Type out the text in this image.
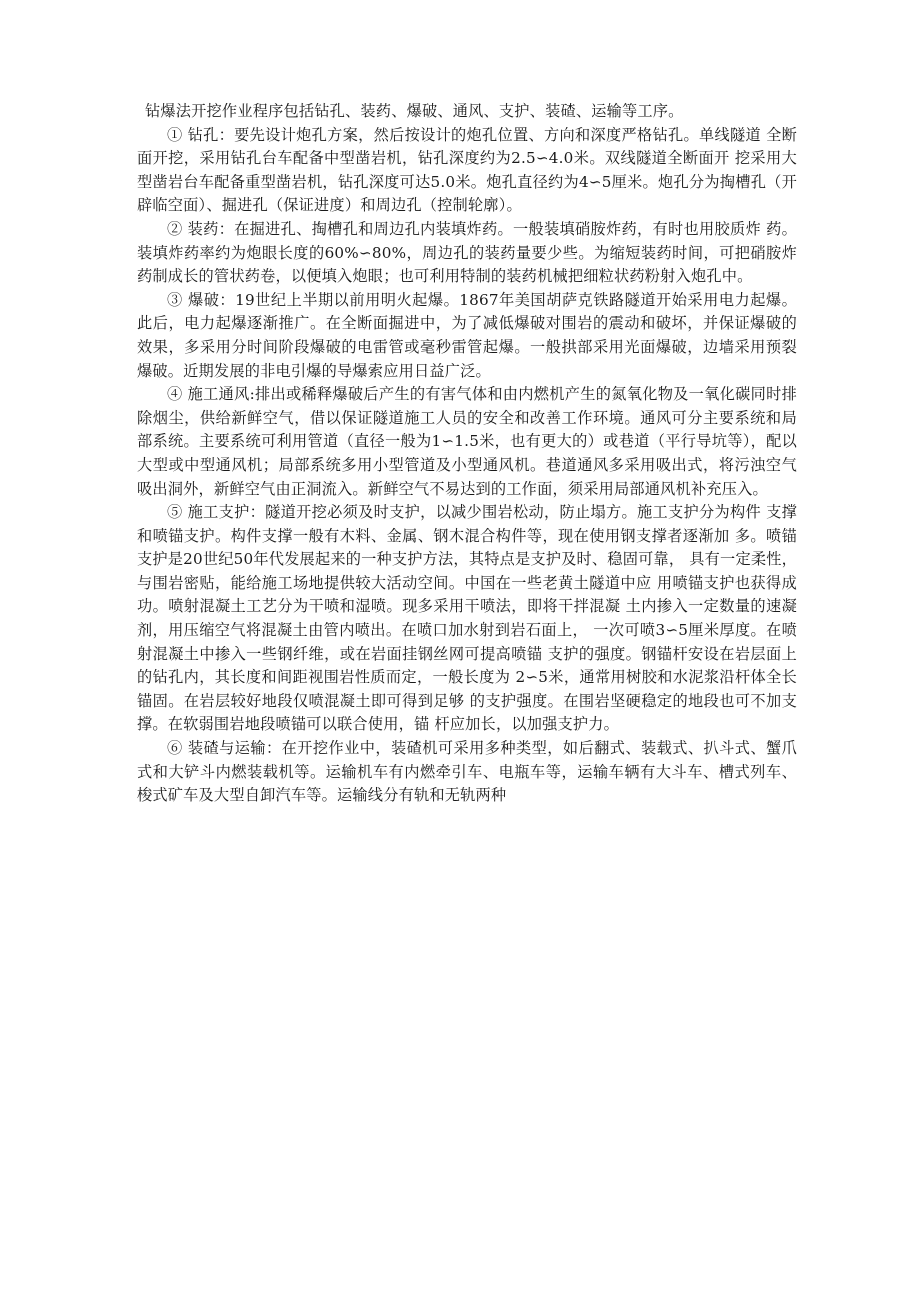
钻爆法开挖作业程序包括钻孔、装药、爆破、通风、支护、装碴、运输等工序。

① 钻孔：要先设计炮孔方案，然后按设计的炮孔位置、方向和深度严格钻孔。单线隧道 全断面开挖，采用钻孔台车配备中型凿岩机，钻孔深度约为2.5∽4.0米。双线隧道全断面开 挖采用大型凿岩台车配备重型凿岩机，钻孔深度可达5.0米。炮孔直径约为4∽5厘米。炮孔分为掏槽孔（开辟临空面）、掘进孔（保证进度）和周边孔（控制轮廓）。

② 装药：在掘进孔、掏槽孔和周边孔内装填炸药。一般装填硝胺炸药，有时也用胶质炸 药。装填炸药率约为炮眼长度的60%∽80%，周边孔的装药量要少些。为缩短装药时间，可把硝胺炸药制成长的管状药卷，以便填入炮眼；也可利用特制的装药机械把细粒状药粉射入炮孔中。

③ 爆破：19世纪上半期以前用明火起爆。1867年美国胡萨克铁路隧道开始采用电力起爆。此后，电力起爆逐渐推广。在全断面掘进中，为了减低爆破对围岩的震动和破坏，并保证爆破的效果，多采用分时间阶段爆破的电雷管或毫秒雷管起爆。一般拱部采用光面爆破，边墙采用预裂爆破。近期发展的非电引爆的导爆索应用日益广泛。

④ 施工通风:排出或稀释爆破后产生的有害气体和由内燃机产生的氮氧化物及一氧化碳同时排除烟尘，供给新鲜空气，借以保证隧道施工人员的安全和改善工作环境。通风可分主要系统和局部系统。主要系统可利用管道（直径一般为1∽1.5米，也有更大的）或巷道（平行导坑等），配以大型或中型通风机；局部系统多用小型管道及小型通风机。巷道通风多采用吸出式，将污浊空气吸出洞外，新鲜空气由正洞流入。新鲜空气不易达到的工作面，须采用局部通风机补充压入。

⑤ 施工支护：隧道开挖必须及时支护，以减少围岩松动，防止塌方。施工支护分为构件 支撑和喷锚支护。构件支撑一般有木料、金属、钢木混合构件等，现在使用钢支撑者逐渐加 多。喷锚支护是20世纪50年代发展起来的一种支护方法，其特点是支护及时、稳固可靠， 具有一定柔性，与围岩密贴，能给施工场地提供较大活动空间。中国在一些老黄土隧道中应 用喷锚支护也获得成功。喷射混凝土工艺分为干喷和湿喷。现多采用干喷法，即将干拌混凝 土内掺入一定数量的速凝剂，用压缩空气将混凝土由管内喷出。在喷口加水射到岩石面上， 一次可喷3∽5厘米厚度。在喷射混凝土中掺入一些钢纤维，或在岩面挂钢丝网可提高喷锚 支护的强度。钢锚杆安设在岩层面上的钻孔内，其长度和间距视围岩性质而定，一般长度为 2∽5米，通常用树胶和水泥浆沿杆体全长锚固。在岩层较好地段仅喷混凝土即可得到足够 的支护强度。在围岩坚硬稳定的地段也可不加支撑。在软弱围岩地段喷锚可以联合使用，锚 杆应加长，以加强支护力。

⑥ 装碴与运输：在开挖作业中，装碴机可采用多种类型，如后翻式、装载式、扒斗式、蟹爪式和大铲斗内燃装载机等。运输机车有内燃牵引车、电瓶车等，运输车辆有大斗车、槽式列车、梭式矿车及大型自卸汽车等。运输线分有轨和无轨两种
